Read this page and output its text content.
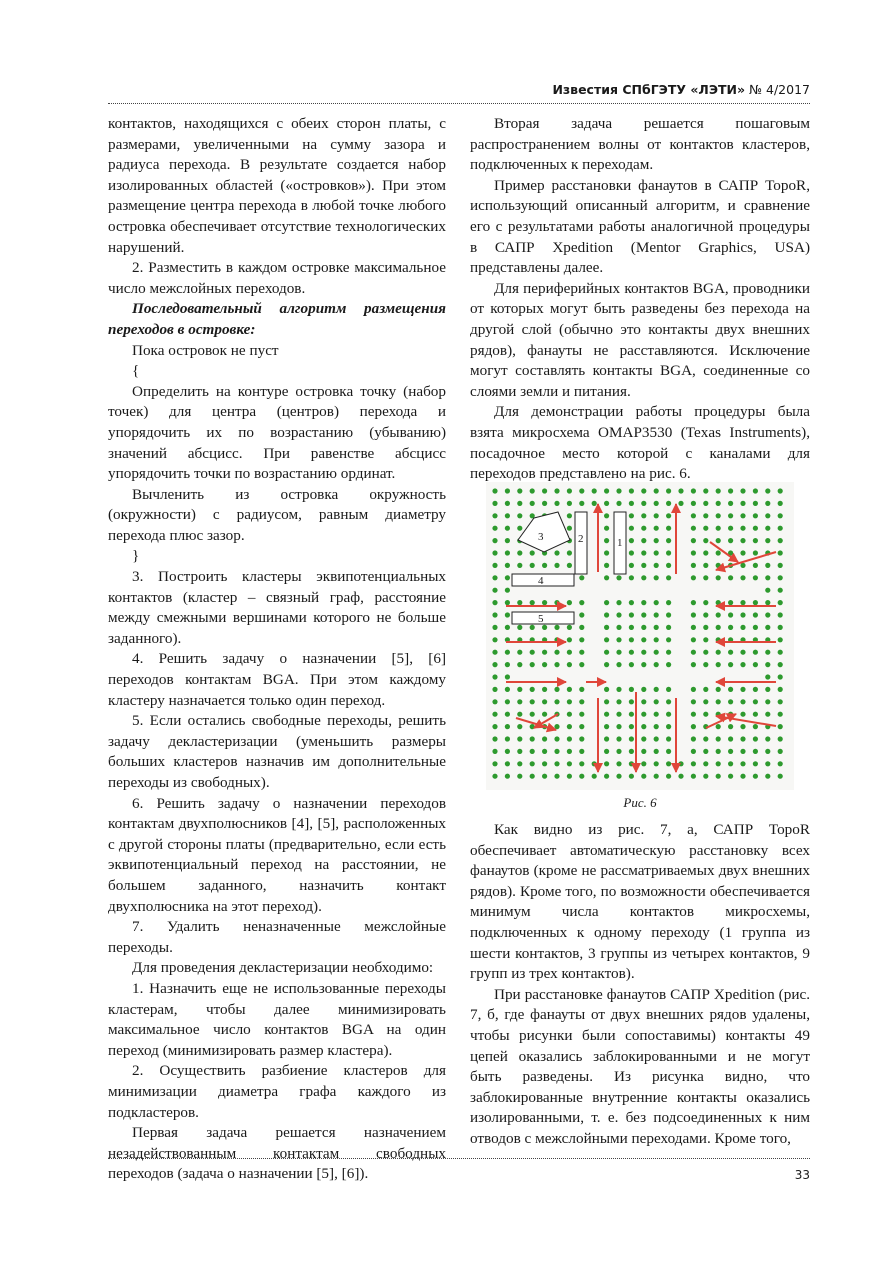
Известия СПбГЭТУ «ЛЭТИ» № 4/2017

контактов, находящихся с обеих сторон платы, с размерами, увеличенными на сумму зазора и радиуса перехода. В результате создается набор изолированных областей («островков»). При этом размещение центра перехода в любой точке любого островка обеспечивает отсутствие технологических нарушений.

2. Разместить в каждом островке максимальное число межслойных переходов.

Последовательный алгоритм размещения переходов в островке:

Пока островок не пуст

{

Определить на контуре островка точку (набор точек) для центра (центров) перехода и упорядочить их по возрастанию (убыванию) значений абсцисс. При равенстве абсцисс упорядочить точки по возрастанию ординат.

Вычленить из островка окружность (окружности) с радиусом, равным диаметру перехода плюс зазор.

}

3. Построить кластеры эквипотенциальных контактов (кластер – связный граф, расстояние между смежными вершинами которого не больше заданного).

4. Решить задачу о назначении [5], [6] переходов контактам BGA. При этом каждому кластеру назначается только один переход.

5. Если остались свободные переходы, решить задачу декластеризации (уменьшить размеры больших кластеров назначив им дополнительные переходы из свободных).

6. Решить задачу о назначении переходов контактам двухполюсников [4], [5], расположенных с другой стороны платы (предварительно, если есть эквипотенциальный переход на расстоянии, не большем заданного, назначить контакт двухполюсника на этот переход).

7. Удалить неназначенные межслойные переходы.

Для проведения декластеризации необходимо:

1. Назначить еще не использованные переходы кластерам, чтобы далее минимизировать максимальное число контактов BGA на один переход (минимизировать размер кластера).

2. Осуществить разбиение кластеров для минимизации диаметра графа каждого из подкластеров.

Первая задача решается назначением незадействованным контактам свободных переходов (задача о назначении [5], [6]).

Вторая задача решается пошаговым распространением волны от контактов кластеров, подключенных к переходам.

Пример расстановки фанаутов в САПР TopoR, использующий описанный алгоритм, и сравнение его с результатами работы аналогичной процедуры в САПР Xpedition (Mentor Graphics, USA) представлены далее.

Для периферийных контактов BGA, проводники от которых могут быть разведены без перехода на другой слой (обычно это контакты двух внешних рядов), фанауты не расставляются. Исключение могут составлять контакты BGA, соединенные со слоями земли и питания.

Для демонстрации работы процедуры была взята микросхема OMAP3530 (Texas Instruments), посадочное место которой с каналами для переходов представлено на рис. 6.

1
2
3
4
5
Рис. 6

Как видно из рис. 7, а, САПР TopoR обеспечивает автоматическую расстановку всех фанаутов (кроме не рассматриваемых двух внешних рядов). Кроме того, по возможности обеспечивается минимум числа контактов микросхемы, подключенных к одному переходу (1 группа из шести контактов, 3 группы из четырех контактов, 9 групп из трех контактов).

При расстановке фанаутов САПР Xpedition (рис. 7, б, где фанауты от двух внешних рядов удалены, чтобы рисунки были сопоставимы) контакты 49 цепей оказались заблокированными и не могут быть разведены. Из рисунка видно, что заблокированные внутренние контакты оказались изолированными, т. е. без подсоединенных к ним отводов с межслойными переходами. Кроме того,

33
